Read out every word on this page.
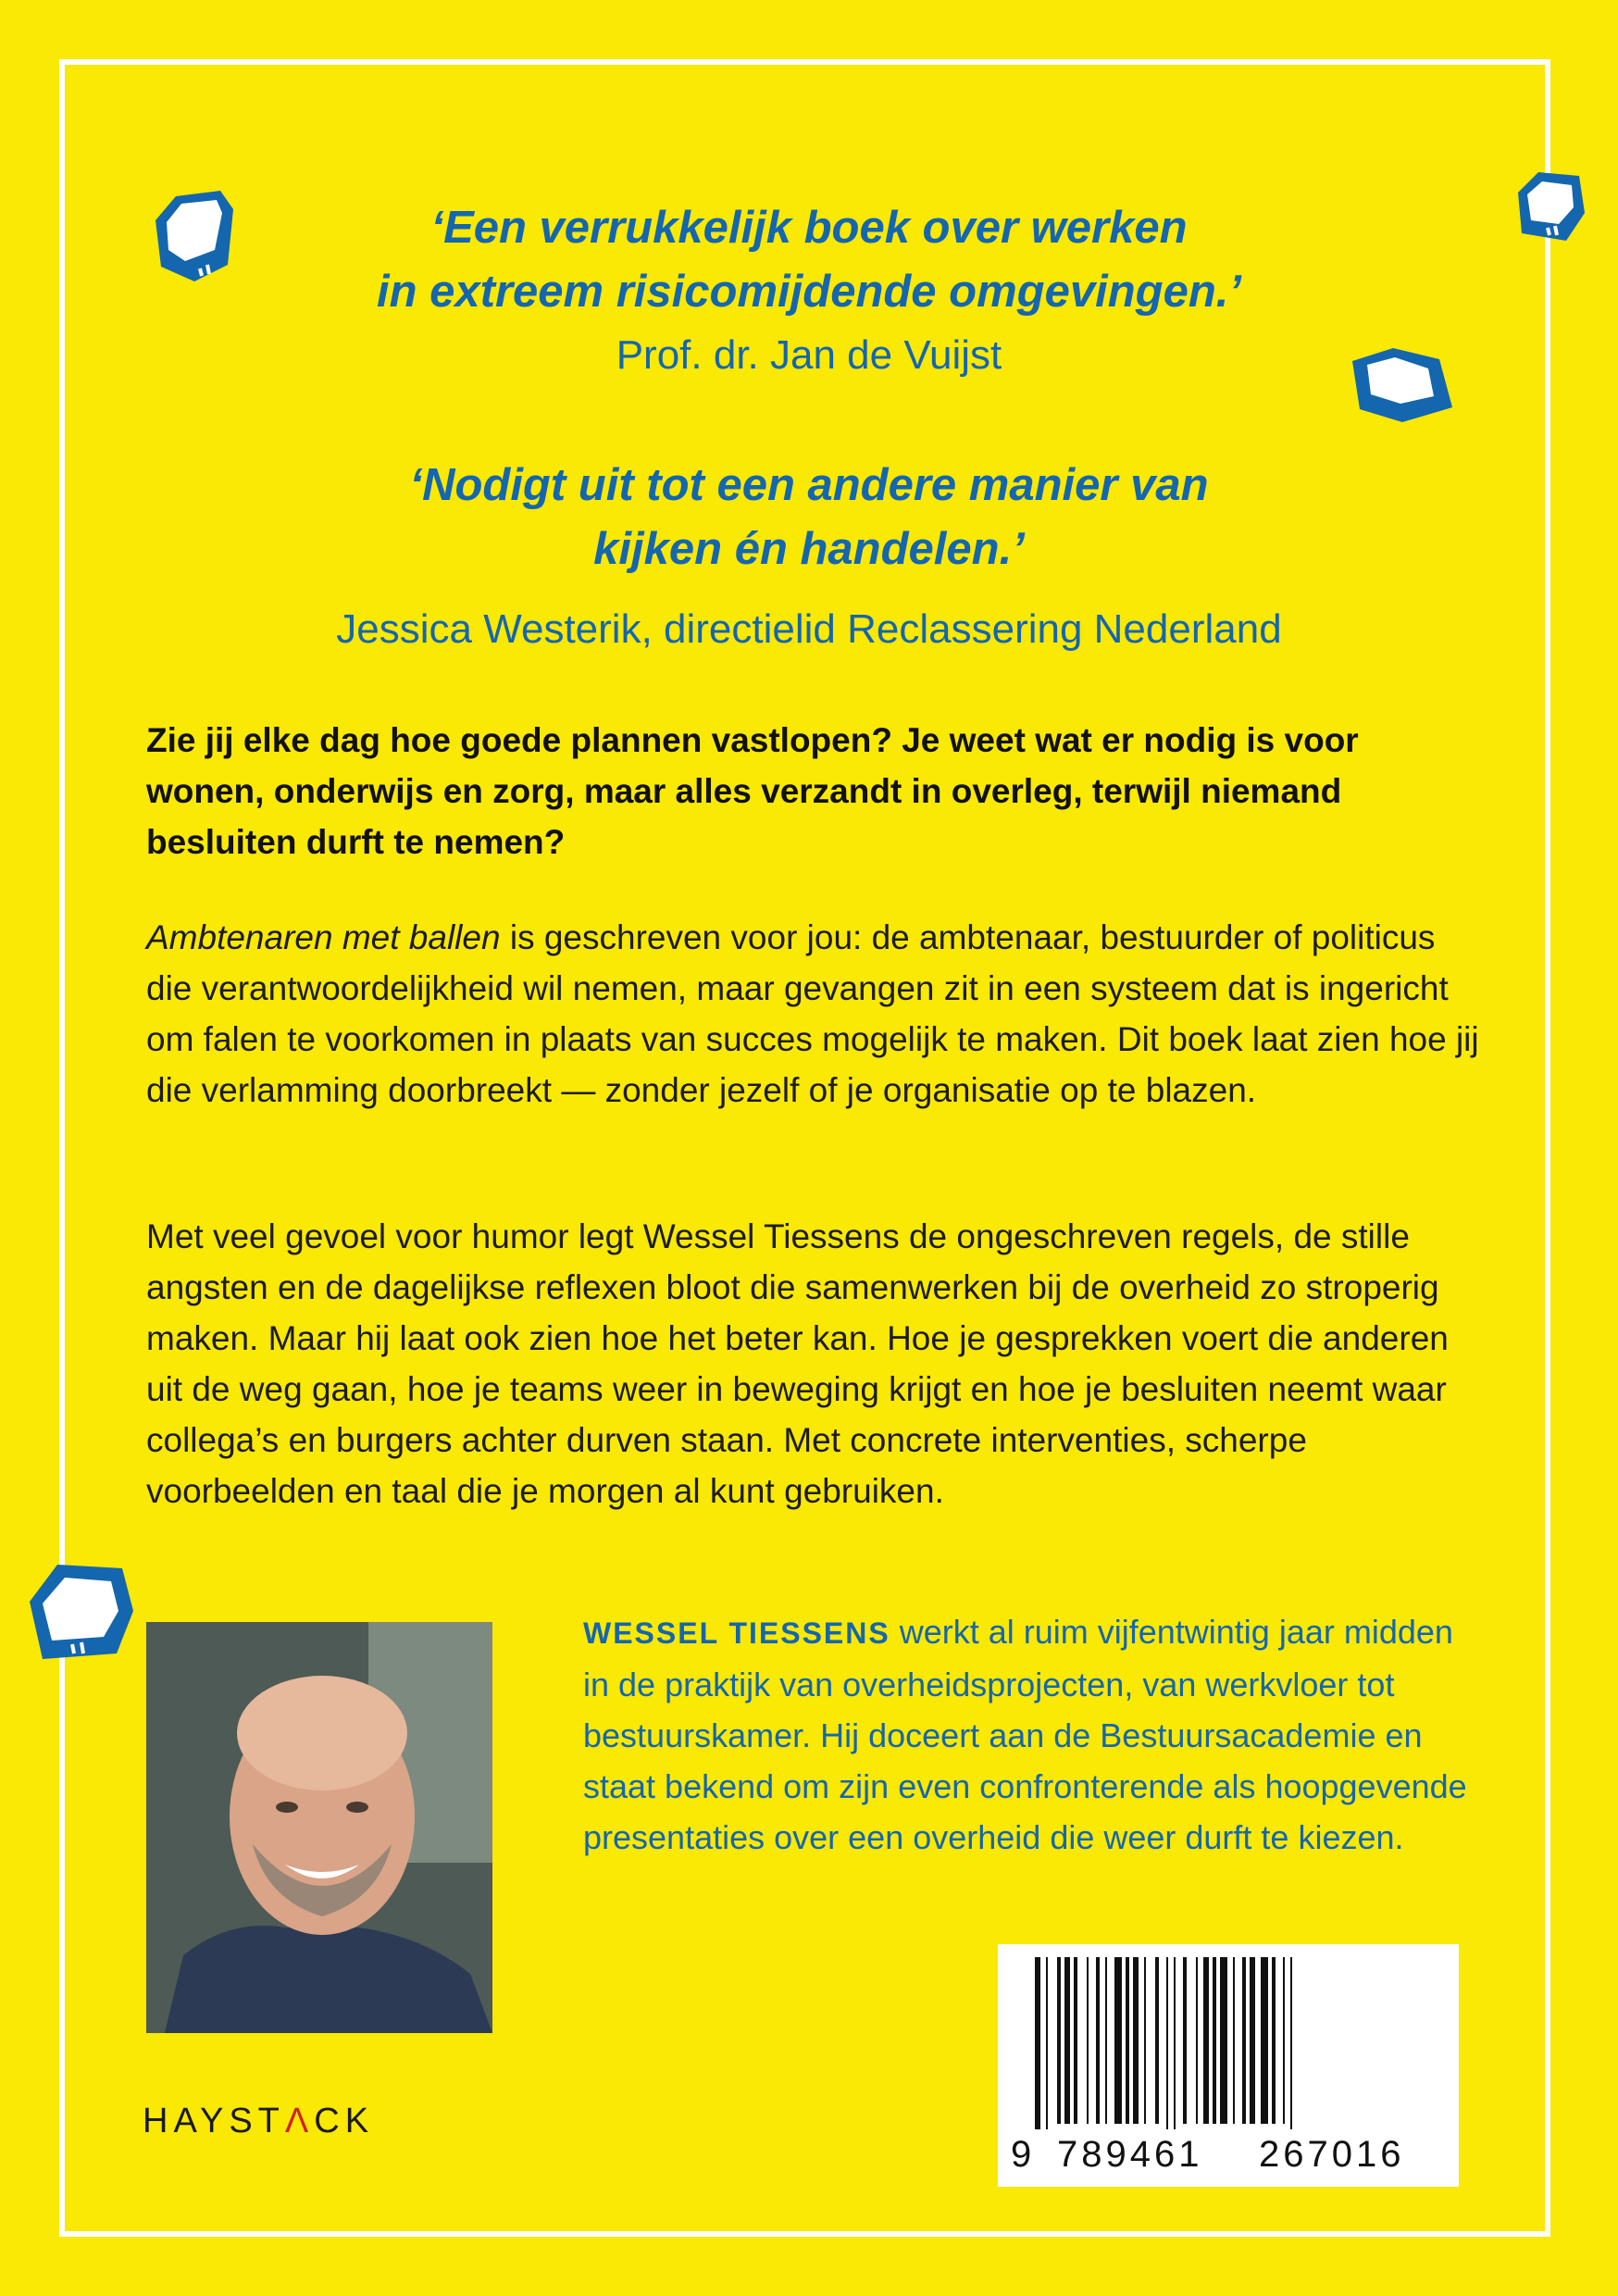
‘Een verrukkelijk boek over werken
in extreem risicomijdende omgevingen.’

Prof. dr. Jan de Vuijst

‘Nodigt uit tot een andere manier van
kijken én handelen.’

Jessica Westerik, directielid Reclassering Nederland

Zie jij elke dag hoe goede plannen vastlopen? Je weet wat er nodig is voor wonen, onderwijs en zorg, maar alles verzandt in overleg, terwijl niemand besluiten durft te nemen?

Ambtenaren met ballen is geschreven voor jou: de ambtenaar, bestuurder of politicus die verantwoordelijkheid wil nemen, maar gevangen zit in een systeem dat is ingericht om falen te voorkomen in plaats van succes mogelijk te maken. Dit boek laat zien hoe jij die verlamming doorbreekt — zonder jezelf of je organisatie op te blazen.

Met veel gevoel voor humor legt Wessel Tiessens de ongeschreven regels, de stille angsten en de dagelijkse reflexen bloot die samenwerken bij de overheid zo stroperig maken. Maar hij laat ook zien hoe het beter kan. Hoe je gesprekken voert die anderen uit de weg gaan, hoe je teams weer in beweging krijgt en hoe je besluiten neemt waar collega’s en burgers achter durven staan. Met concrete interventies, scherpe voorbeelden en taal die je morgen al kunt gebruiken.

WESSEL TIESSENS werkt al ruim vijfentwintig jaar midden in de praktijk van overheidsprojecten, van werkvloer tot bestuurskamer. Hij doceert aan de Bestuursacademie en staat bekend om zijn even confronterende als hoopgevende presentaties over een overheid die weer durft te kiezen.

HAYSTΛCK
9 789461 267016
